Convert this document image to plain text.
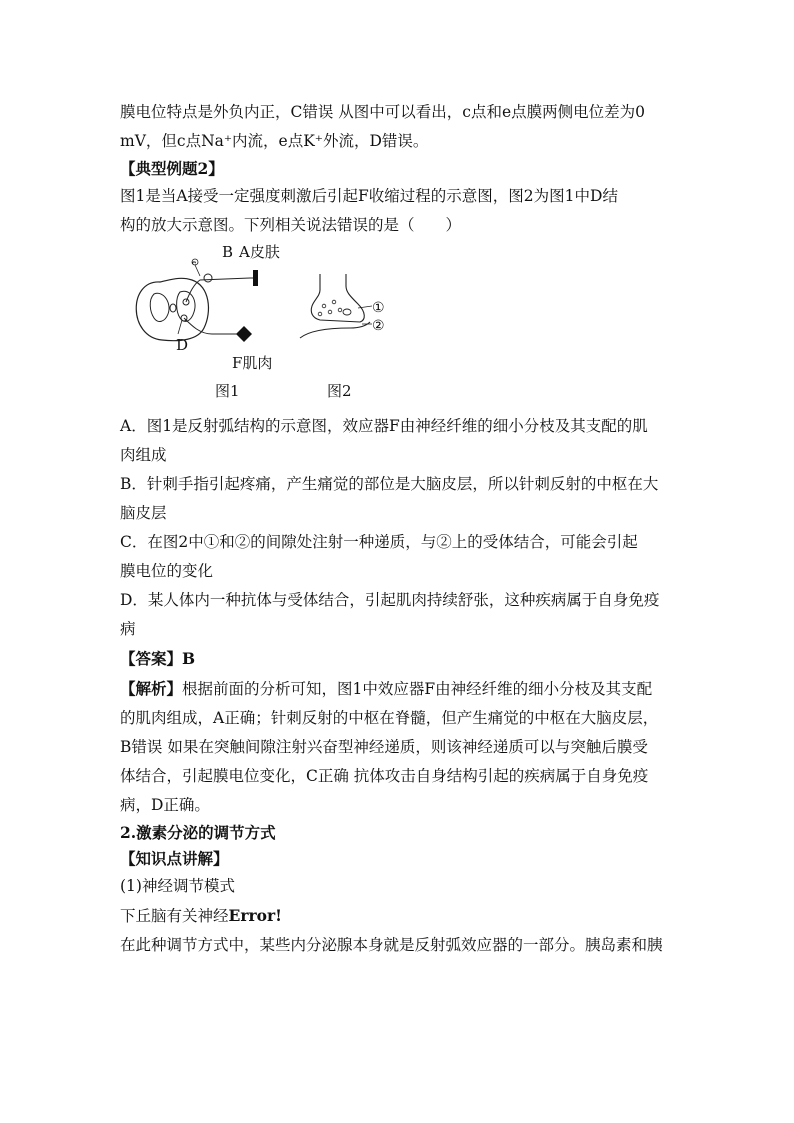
膜电位特点是外负内正，C错误 从图中可以看出，c点和e点膜两侧电位差为0

mV，但c点Na⁺内流，e点K⁺外流，D错误。

【典型例题2】

图1是当A接受一定强度刺激后引起F收缩过程的示意图，图2为图1中D结

构的放大示意图。下列相关说法错误的是（　　）

B A皮肤
e
D
F肌肉
图1
①
②
图2

A．图1是反射弧结构的示意图，效应器F由神经纤维的细小分枝及其支配的肌

肉组成

B．针刺手指引起疼痛，产生痛觉的部位是大脑皮层，所以针刺反射的中枢在大

脑皮层

C．在图2中①和②的间隙处注射一种递质，与②上的受体结合，可能会引起

膜电位的变化

D．某人体内一种抗体与受体结合，引起肌肉持续舒张，这种疾病属于自身免疫

病

【答案】B

【解析】根据前面的分析可知，图1中效应器F由神经纤维的细小分枝及其支配

的肌肉组成，A正确；针刺反射的中枢在脊髓，但产生痛觉的中枢在大脑皮层，

B错误 如果在突触间隙注射兴奋型神经递质，则该神经递质可以与突触后膜受

体结合，引起膜电位变化，C正确 抗体攻击自身结构引起的疾病属于自身免疫

病，D正确。

2.激素分泌的调节方式

【知识点讲解】

(1)神经调节模式

下丘脑有关神经Error!

在此种调节方式中，某些内分泌腺本身就是反射弧效应器的一部分。胰岛素和胰
